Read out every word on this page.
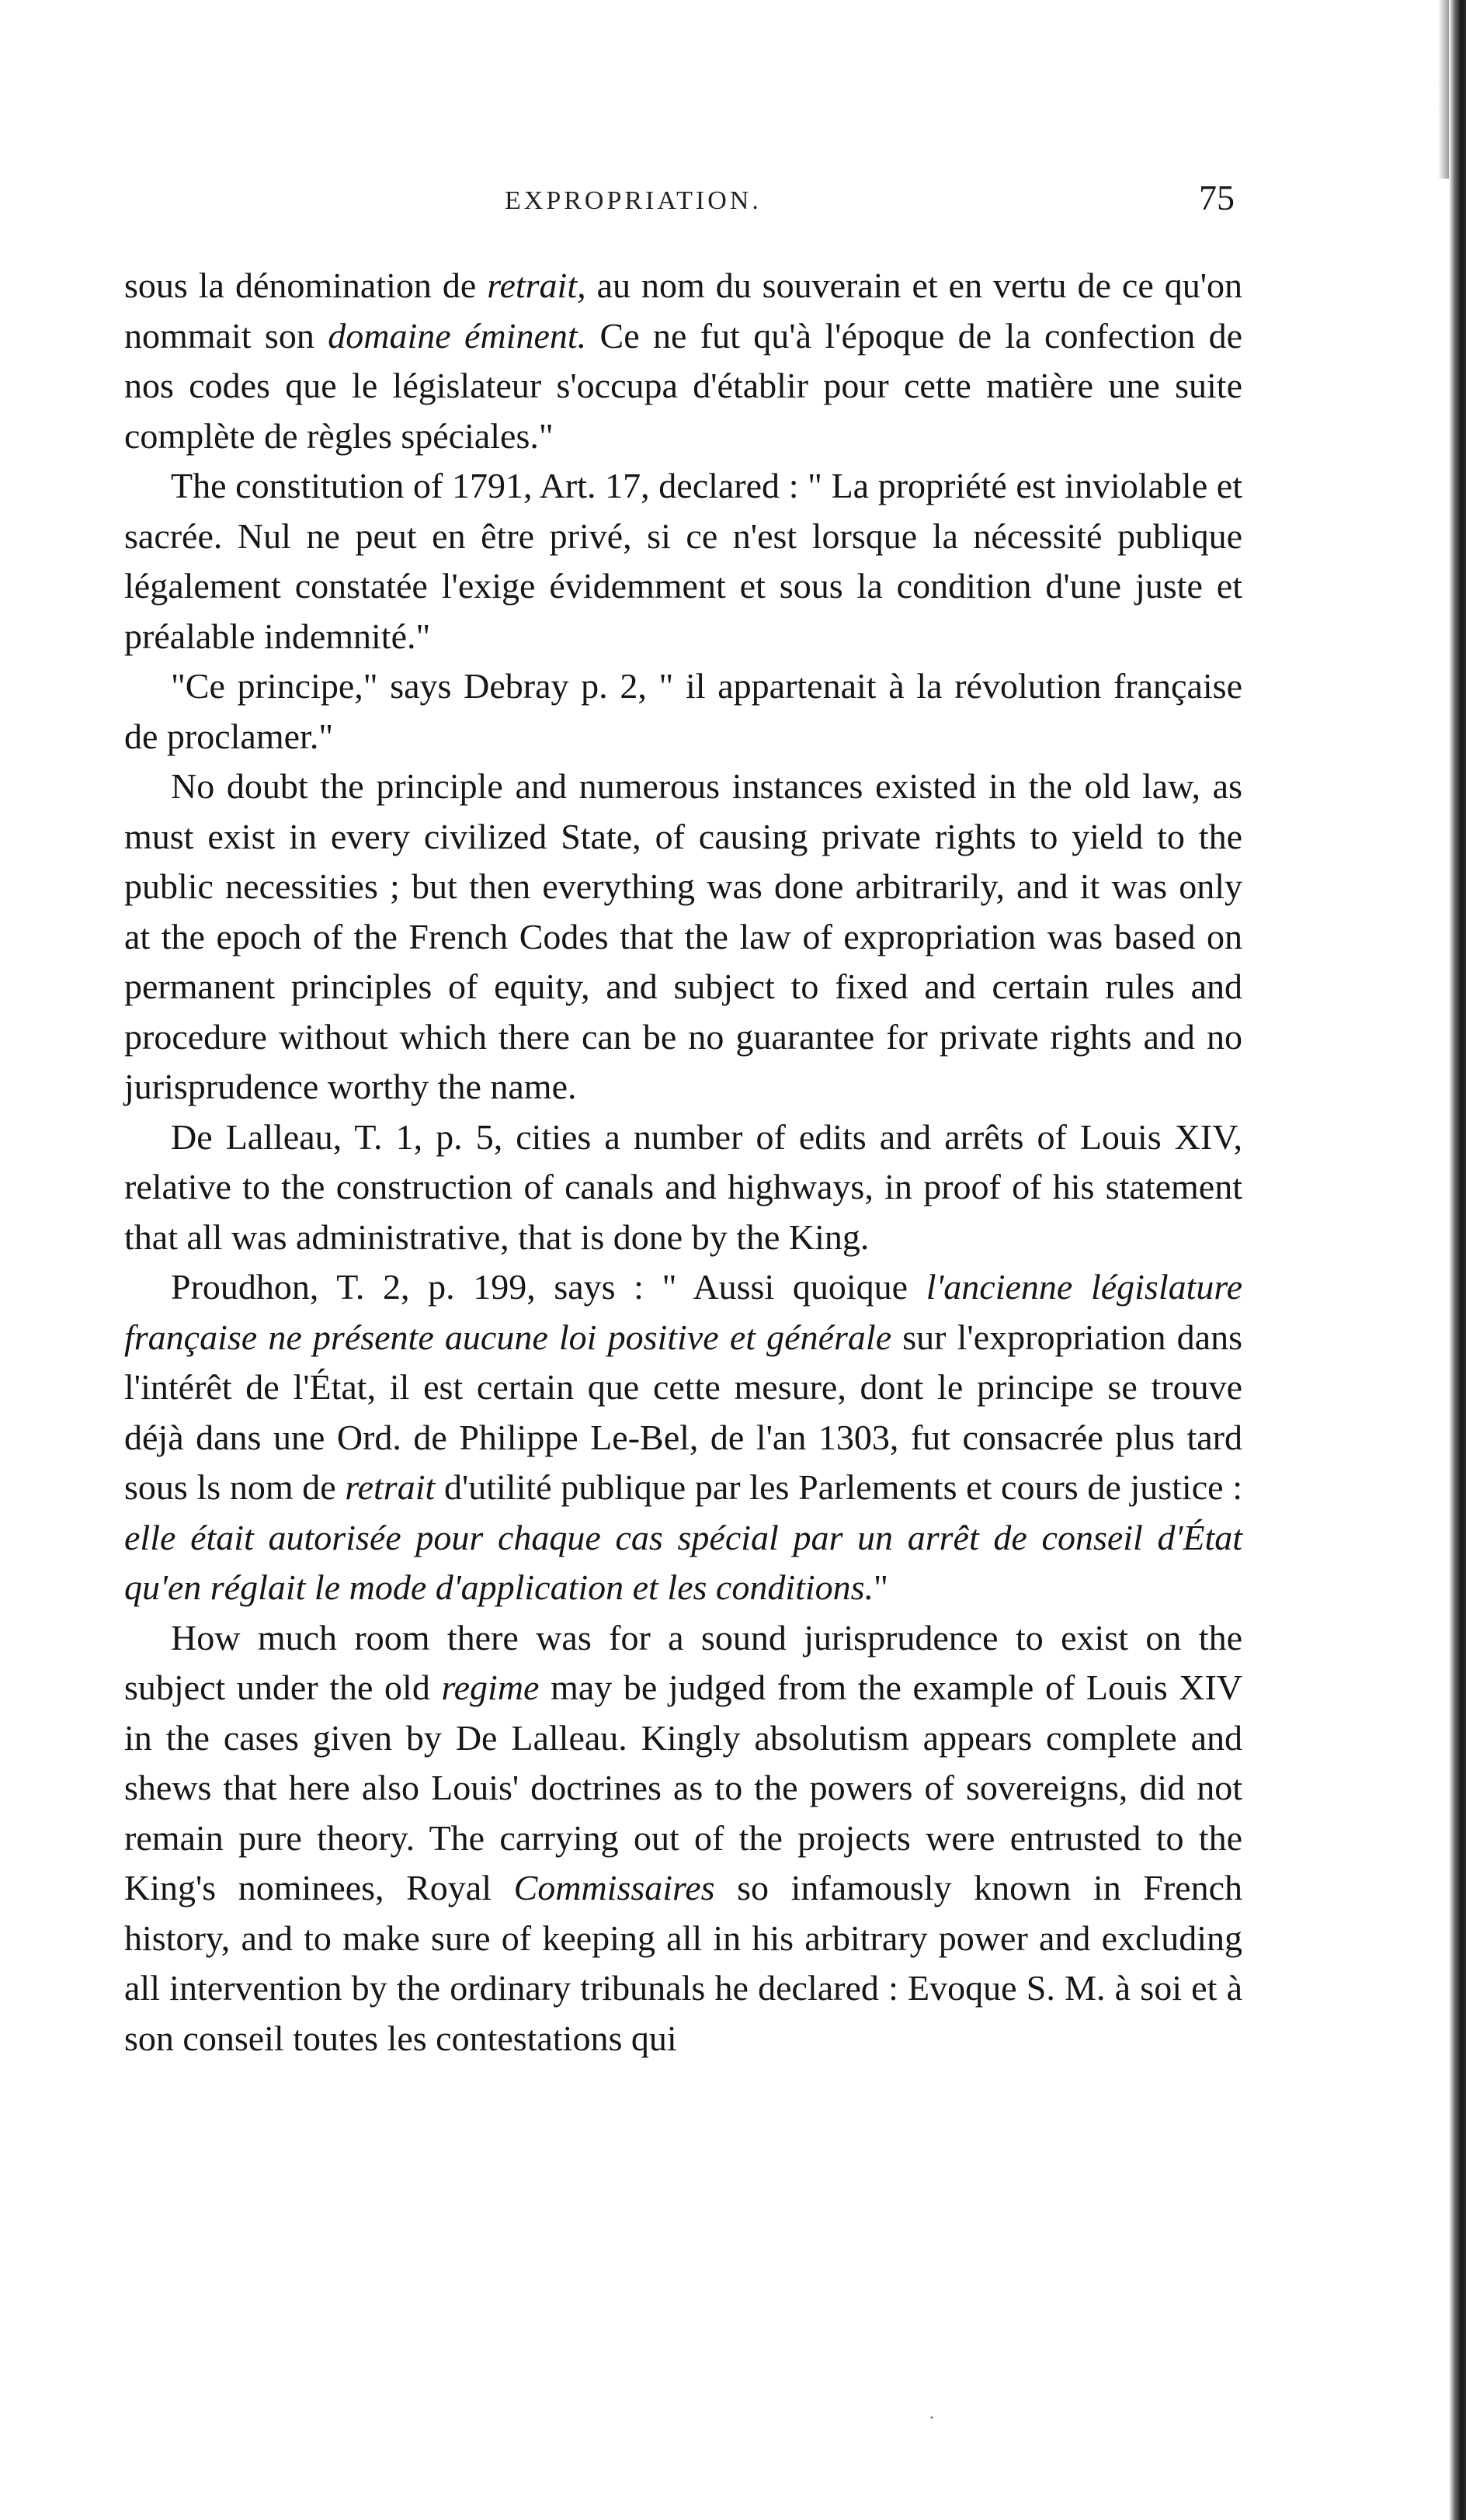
EXPROPRIATION.	75

sous la dénomination de retrait, au nom du souverain et en vertu de ce qu'on nommait son domaine éminent. Ce ne fut qu'à l'époque de la confection de nos codes que le législateur s'occupa d'établir pour cette matière une suite complète de règles spéciales."

The constitution of 1791, Art. 17, declared : " La propriété est inviolable et sacrée. Nul ne peut en être privé, si ce n'est lorsque la nécessité publique légalement constatée l'exige évidemment et sous la condition d'une juste et préalable indemnité."

"Ce principe," says Debray p. 2, " il appartenait à la révolution française de proclamer."

No doubt the principle and numerous instances existed in the old law, as must exist in every civilized State, of causing private rights to yield to the public necessities ; but then everything was done arbitrarily, and it was only at the epoch of the French Codes that the law of expropriation was based on permanent principles of equity, and subject to fixed and certain rules and procedure without which there can be no guarantee for private rights and no jurisprudence worthy the name.

De Lalleau, T. 1, p. 5, cities a number of edits and arrêts of Louis XIV, relative to the construction of canals and highways, in proof of his statement that all was administrative, that is done by the King.

Proudhon, T. 2, p. 199, says : " Aussi quoique l'ancienne législature française ne présente aucune loi positive et générale sur l'expropriation dans l'intérêt de l'État, il est certain que cette mesure, dont le principe se trouve déjà dans une Ord. de Philippe Le-Bel, de l'an 1303, fut consacrée plus tard sous ls nom de retrait d'utilité publique par les Parlements et cours de justice : elle était autorisée pour chaque cas spécial par un arrêt de conseil d'État qu'en réglait le mode d'application et les conditions."

How much room there was for a sound jurisprudence to exist on the subject under the old regime may be judged from the example of Louis XIV in the cases given by De Lalleau. Kingly absolutism appears complete and shews that here also Louis' doctrines as to the powers of sovereigns, did not remain pure theory. The carrying out of the projects were entrusted to the King's nominees, Royal Commissaires so infamously known in French history, and to make sure of keeping all in his arbitrary power and excluding all intervention by the ordinary tribunals he declared : Evoque S. M. à soi et à son conseil toutes les contestations qui

·
